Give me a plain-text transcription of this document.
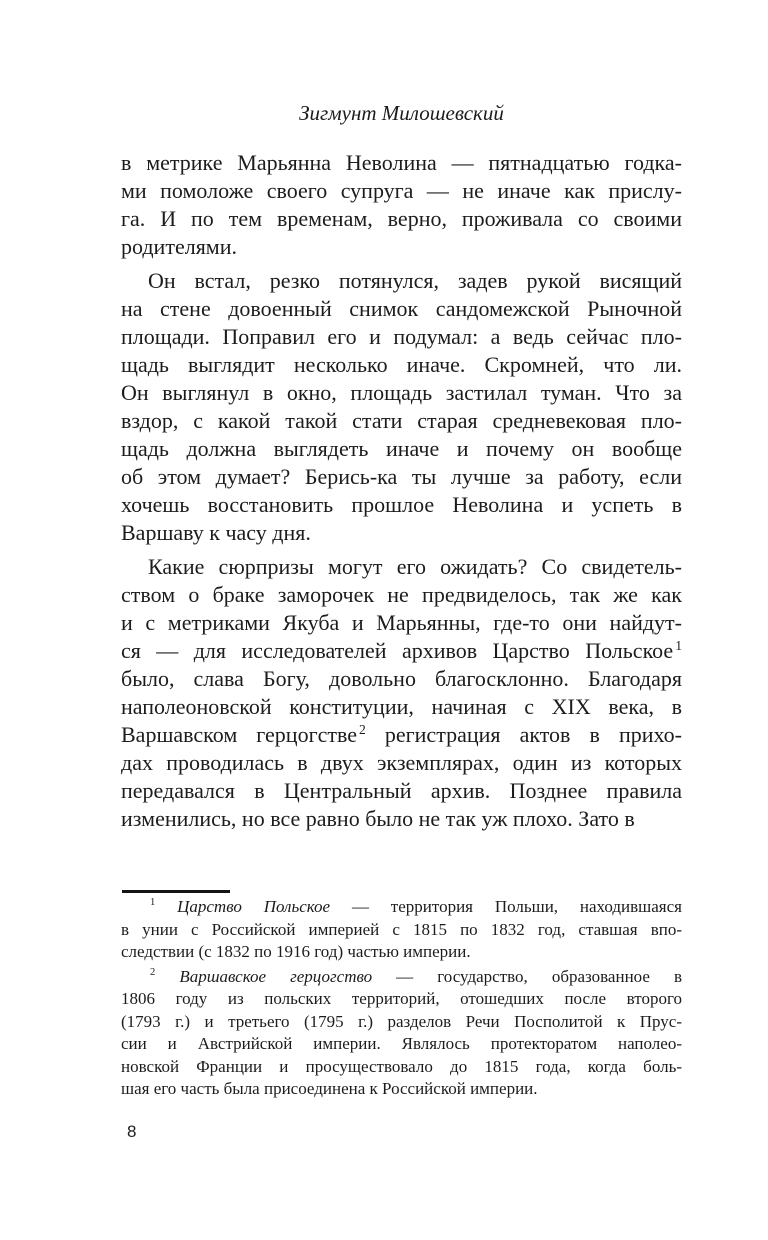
Зигмунт Милошевский
в метрике Марьянна Неволина — пятнадцатью годка-
ми помоложе своего супруга — не иначе как прислу-
га. И по тем временам, верно, проживала со своими
родителями.
Он встал, резко потянулся, задев рукой висящий
на стене довоенный снимок сандомежской Рыночной
площади. Поправил его и подумал: а ведь сейчас пло-
щадь выглядит несколько иначе. Скромней, что ли.
Он выглянул в окно, площадь застилал туман. Что за
вздор, с какой такой стати старая средневековая пло-
щадь должна выглядеть иначе и почему он вообще
об этом думает? Берись-ка ты лучше за работу, если
хочешь восстановить прошлое Неволина и успеть в
Варшаву к часу дня.
Какие сюрпризы могут его ожидать? Со свидетель-
ством о браке заморочек не предвиделось, так же как
и с метриками Якуба и Марьянны, где-то они найдут-
ся — для исследователей архивов Царство Польское $^1$
было, слава Богу, довольно благосклонно. Благодаря
наполеоновской конституции, начиная с XIX века, в
Варшавском герцогстве $^2$ регистрация актов в прихо-
дах проводилась в двух экземплярах, один из которых
передавался в Центральный архив. Позднее правила
изменились, но все равно было не так уж плохо. Зато в
$^1$ Царство Польское — территория Польши, находившаяся
в унии с Российской империей с 1815 по 1832 год, ставшая впо-
следствии (с 1832 по 1916 год) частью империи.
$^2$ Варшавское герцогство — государство, образованное в
1806 году из польских территорий, отошедших после второго
(1793 г.) и третьего (1795 г.) разделов Речи Посполитой к Прус-
сии и Австрийской империи. Являлось протекторатом наполео-
новской Франции и просуществовало до 1815 года, когда боль-
шая его часть была присоединена к Российской империи.
8
